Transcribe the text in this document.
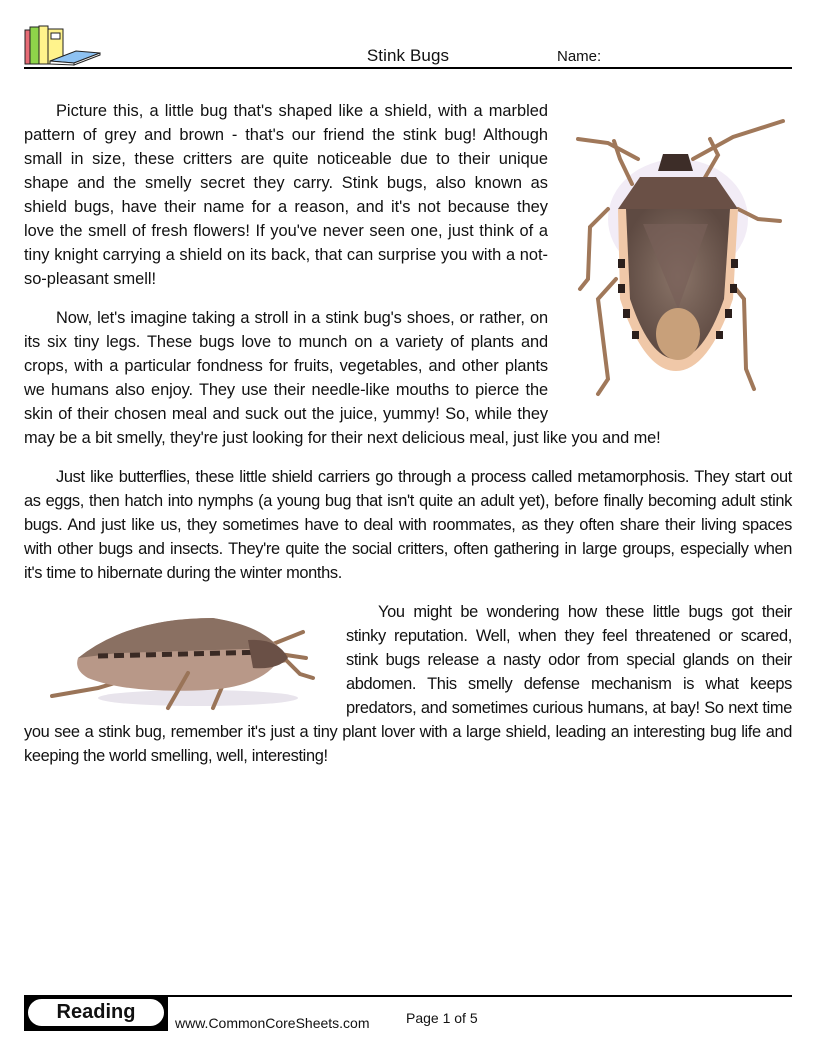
Stink Bugs	Name:

Picture this, a little bug that's shaped like a shield, with a marbled pattern of grey and brown - that's our friend the stink bug! Although small in size, these critters are quite noticeable due to their unique shape and the smelly secret they carry. Stink bugs, also known as shield bugs, have their name for a reason, and it's not because they love the smell of fresh flowers! If you've never seen one, just think of a tiny knight carrying a shield on its back, that can surprise you with a not-so-pleasant smell!

Now, let's imagine taking a stroll in a stink bug's shoes, or rather, on its six tiny legs. These bugs love to munch on a variety of plants and crops, with a particular fondness for fruits, vegetables, and other plants we humans also enjoy. They use their needle-like mouths to pierce the skin of their chosen meal and suck out the juice, yummy! So, while they may be a bit smelly, they're just looking for their next delicious meal, just like you and me!

Just like butterflies, these little shield carriers go through a process called metamorphosis. They start out as eggs, then hatch into nymphs (a young bug that isn't quite an adult yet), before finally becoming adult stink bugs. And just like us, they sometimes have to deal with roommates, as they often share their living spaces with other bugs and insects. They're quite the social critters, often gathering in large groups, especially when it's time to hibernate during the winter months.

You might be wondering how these little bugs got their stinky reputation. Well, when they feel threatened or scared, stink bugs release a nasty odor from special glands on their abdomen. This smelly defense mechanism is what keeps predators, and sometimes curious humans, at bay! So next time you see a stink bug, remember it's just a tiny plant lover with a large shield, leading an interesting bug life and keeping the world smelling, well, interesting!

Reading	www.CommonCoreSheets.com	Page 1 of 5
